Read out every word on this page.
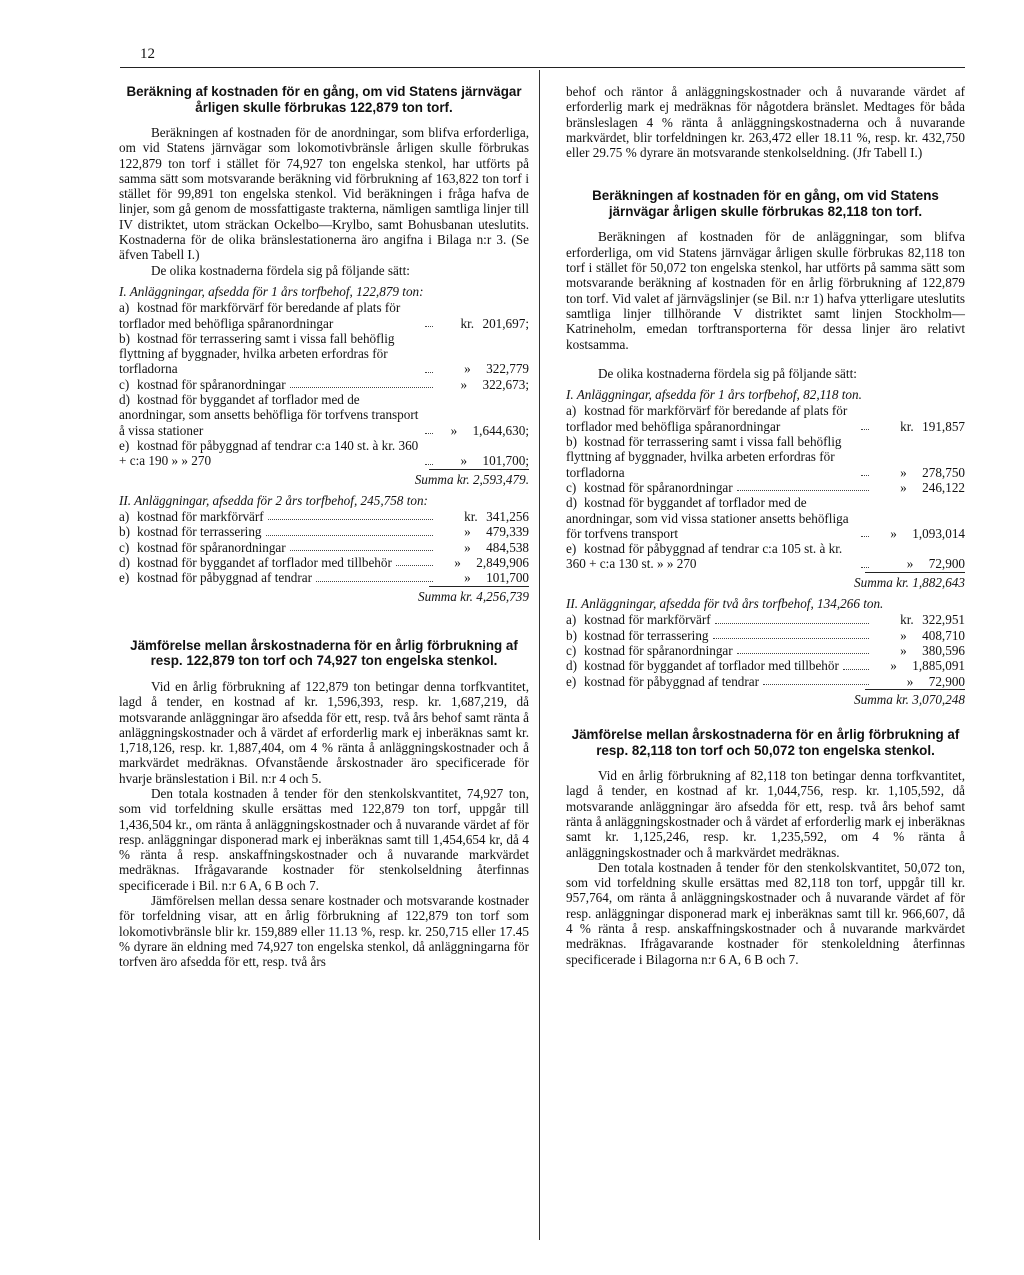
12
Beräkning af kostnaden för en gång, om vid Statens järnvägar årligen skulle förbrukas 122,879 ton torf.

Beräkningen af kostnaden för de anordningar, som blifva erforderliga, om vid Statens järnvägar som lokomotivbränsle årligen skulle förbrukas 122,879 ton torf i stället för 74,927 ton engelska stenkol, har utförts på samma sätt som motsvarande beräkning vid förbrukning af 163,822 ton torf i stället för 99,891 ton engelska stenkol. Vid beräkningen i fråga hafva de linjer, som gå genom de mossfattigaste trakterna, nämligen samtliga linjer till IV distriktet, utom sträckan Ockelbo—Krylbo, samt Bohusbanan uteslutits. Kostnaderna för de olika bränslestationerna äro angifna i Bilaga n:r 3. (Se äfven Tabell I.)

De olika kostnaderna fördela sig på följande sätt:

I. Anläggningar, afsedda för 1 års torfbehof, 122,879 ton:
a) kostnad för markförvärf för beredande af plats för torflador med behöfliga spåranordningar	kr. 201,697;
b) kostnad för terrassering samt i vissa fall behöflig flyttning af byggnader, hvilka arbeten erfordras för torfladorna	» 322,779
c) kostnad för spåranordningar	» 322,673;
d) kostnad för byggandet af torflador med de anordningar, som ansetts behöfliga för torfvens transport å vissa stationer	» 1,644,630;
e) kostnad för påbyggnad af tendrar c:a 140 st. à kr. 360 + c:a 190 » » 270	» 101,700;
Summa kr. 2,593,479.
II. Anläggningar, afsedda för 2 års torfbehof, 245,758 ton:
a) kostnad för markförvärf	kr. 341,256
b) kostnad för terrassering	» 479,339
c) kostnad för spåranordningar	» 484,538
d) kostnad för byggandet af torflador med tillbehör	» 2,849,906
e) kostnad för påbyggnad af tendrar	» 101,700
Summa kr. 4,256,739
Jämförelse mellan årskostnaderna för en årlig förbrukning af resp. 122,879 ton torf och 74,927 ton engelska stenkol.

Vid en årlig förbrukning af 122,879 ton betingar denna torfkvantitet, lagd å tender, en kostnad af kr. 1,596,393, resp. kr. 1,687,219, då motsvarande anläggningar äro afsedda för ett, resp. två års behof samt ränta å anläggningskostnader och å värdet af erforderlig mark ej inberäknas samt kr. 1,718,126, resp. kr. 1,887,404, om 4 % ränta å anläggningskostnader och å markvärdet medräknas. Ofvanstående årskostnader äro specificerade för hvarje bränslestation i Bil. n:r 4 och 5.

Den totala kostnaden å tender för den stenkolskvantitet, 74,927 ton, som vid torfeldning skulle ersättas med 122,879 ton torf, uppgår till 1,436,504 kr., om ränta å anläggningskostnader och å nuvarande värdet af för resp. anläggningar disponerad mark ej inberäknas samt till 1,454,654 kr, då 4 % ränta å resp. anskaffningskostnader och å nuvarande markvärdet medräknas. Ifrågavarande kostnader för stenkolseldning återfinnas specificerade i Bil. n:r 6 A, 6 B och 7.

Jämförelsen mellan dessa senare kostnader och motsvarande kostnader för torfeldning visar, att en årlig förbrukning af 122,879 ton torf som lokomotivbränsle blir kr. 159,889 eller 11.13 %, resp. kr. 250,715 eller 17.45 % dyrare än eldning med 74,927 ton engelska stenkol, då anläggningarna för torfven äro afsedda för ett, resp. två års

behof och räntor å anläggningskostnader och å nuvarande värdet af erforderlig mark ej medräknas för någotdera bränslet. Medtages för båda bränsleslagen 4 % ränta å anläggningskostnaderna och å nuvarande markvärdet, blir torfeldningen kr. 263,472 eller 18.11 %, resp. kr. 432,750 eller 29.75 % dyrare än motsvarande stenkolseldning. (Jfr Tabell I.)

Beräkningen af kostnaden för en gång, om vid Statens järnvägar årligen skulle förbrukas 82,118 ton torf.

Beräkningen af kostnaden för de anläggningar, som blifva erforderliga, om vid Statens järnvägar årligen skulle förbrukas 82,118 ton torf i stället för 50,072 ton engelska stenkol, har utförts på samma sätt som motsvarande beräkning af kostnaden för en årlig förbrukning af 122,879 ton torf. Vid valet af järnvägslinjer (se Bil. n:r 1) hafva ytterligare uteslutits samtliga linjer tillhörande V distriktet samt linjen Stockholm—Katrineholm, emedan torftransporterna för dessa linjer äro relativt kostsamma.

De olika kostnaderna fördela sig på följande sätt:

I. Anläggningar, afsedda för 1 års torfbehof, 82,118 ton.
a) kostnad för markförvärf för beredande af plats för torflador med behöfliga spåranordningar	kr. 191,857
b) kostnad för terrassering samt i vissa fall behöflig flyttning af byggnader, hvilka arbeten erfordras för torfladorna	» 278,750
c) kostnad för spåranordningar	» 246,122
d) kostnad för byggandet af torflador med de anordningar, som vid vissa stationer ansetts behöfliga för torfvens transport	» 1,093,014
e) kostnad för påbyggnad af tendrar c:a 105 st. à kr. 360 + c:a 130 st. » » 270	» 72,900
Summa kr. 1,882,643
II. Anläggningar, afsedda för två års torfbehof, 134,266 ton.
a) kostnad för markförvärf	kr. 322,951
b) kostnad för terrassering	» 408,710
c) kostnad för spåranordningar	» 380,596
d) kostnad för byggandet af torflador med tillbehör	» 1,885,091
e) kostnad för påbyggnad af tendrar	» 72,900
Summa kr. 3,070,248
Jämförelse mellan årskostnaderna för en årlig förbrukning af resp. 82,118 ton torf och 50,072 ton engelska stenkol.

Vid en årlig förbrukning af 82,118 ton betingar denna torfkvantitet, lagd å tender, en kostnad af kr. 1,044,756, resp. kr. 1,105,592, då motsvarande anläggningar äro afsedda för ett, resp. två års behof samt ränta å anläggningskostnader och å värdet af erforderlig mark ej inberäknas samt kr. 1,125,246, resp. kr. 1,235,592, om 4 % ränta å anläggningskostnader och å markvärdet medräknas.

Den totala kostnaden å tender för den stenkolskvantitet, 50,072 ton, som vid torfeldning skulle ersättas med 82,118 ton torf, uppgår till kr. 957,764, om ränta å anläggningskostnader och å nuvarande värdet af för resp. anläggningar disponerad mark ej inberäknas samt till kr. 966,607, då 4 % ränta å resp. anskaffningskostnader och å nuvarande markvärdet medräknas. Ifrågavarande kostnader för stenkoleldning återfinnas specificerade i Bilagorna n:r 6 A, 6 B och 7.
